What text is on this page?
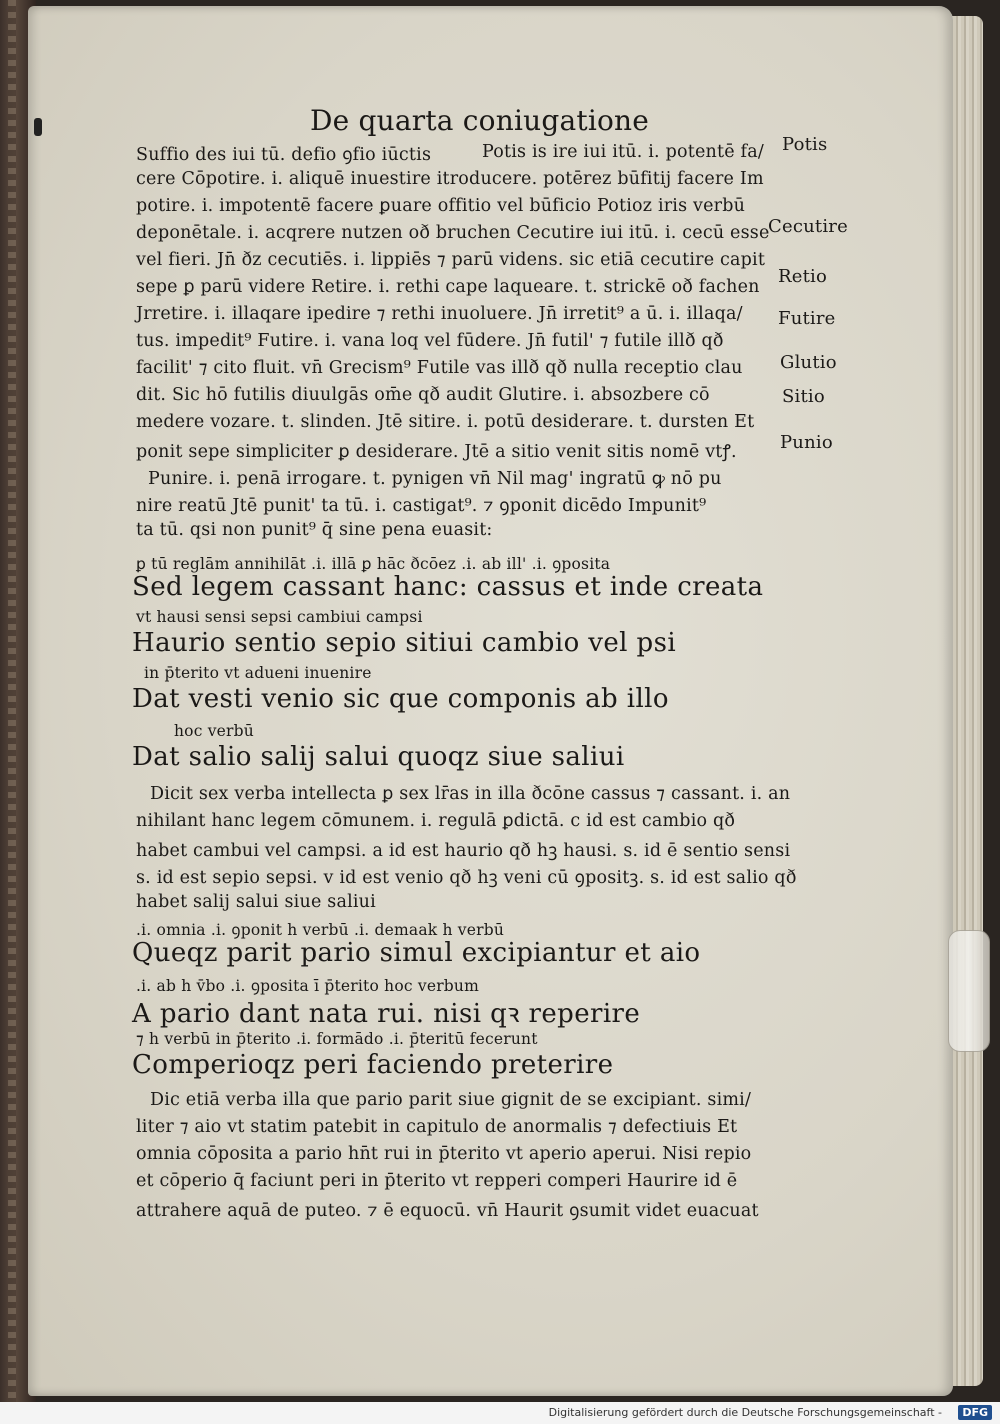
De quarta coniugatione
Suffio des iui tū. defio ꝯfio iūctis	Potis is ire iui itū. i. potentē fa/
cere Cōpotire. i. aliquē inuestire itroducere. potērez būfitij facere Im
potire. i. impotentē facere ꝑuare offitio vel būficio Potioz iris verbū
deponētale. i. acqrere nutzen oð bruchen Cecutire iui itū. i. cecū esse
vel fieri. Jn̄ ðz cecutiēs. i. lippiēs ⁊ parū videns. sic etiā cecutire capit
sepe ꝑ parū videre Retire. i. rethi cape laqueare. t. strickē oð fachen
Jrretire. i. illaqare ipedire ⁊ rethi inuoluere. Jn̄ irretit⁹ a ū. i. illaqa/
tus. impedit⁹ Futire. i. vana loq vel fūdere. Jn̄ futil' ⁊ futile illð qð
facilit' ⁊ cito fluit. vn̄ Grecism⁹ Futile vas illð qð nulla receptio clau
dit. Sic hō futilis diuulgās om̄e qð audit Glutire. i. absozbere cō
medere vozare. t. slinden. Jtē sitire. i. potū desiderare. t. dursten Et
ponit sepe simpliciter ꝑ desiderare. Jtē a sitio venit sitis nomē vtꝭ.
Punire. i. penā irrogare. t. pynigen vn̄ Nil mag' ingratū ꝙ nō pu
nire reatū Jtē punit' ta tū. i. castigat⁹. ⁊ ꝯponit dicēdo Impunit⁹
ta tū. qsi non punit⁹ q̄ sine pena euasit:
ꝑ tū reglām annihilāt .i. illā ꝑ hāc ðcōez .i. ab ill' .i. ꝯposita
Sed legem cassant hanc: cassus et inde creata
vt hausi sensi sepsi cambiui campsi
Haurio sentio sepio sitiui cambio vel psi
in p̄terito vt adueni inuenire
Dat vesti venio sic que componis ab illo
hoc verbū
Dat salio salij salui quoqz siue saliui
Dicit sex verba intellecta ꝑ sex lr̄as in illa ðcōne cassus ⁊ cassant. i. an
nihilant hanc legem cōmunem. i. regulā ꝑdictā. c id est cambio qð
habet cambui vel campsi. a id est haurio qð hꝫ hausi. s. id ē sentio sensi
s. id est sepio sepsi. v id est venio qð hꝫ veni cū ꝯpositꝫ. s. id est salio qð
habet salij salui siue saliui
.i. omnia .i. ꝯponit h verbū .i. demaak h verbū
Queqz parit pario simul excipiantur et aio
.i. ab h v̄bo .i. ꝯposita ī p̄terito hoc verbum
A pario dant nata rui. nisi qꝛ reperire
⁊ h verbū in p̄terito .i. formādo .i. p̄teritū fecerunt
Comperioqz peri faciendo preterire
Dic etiā verba illa que pario parit siue gignit de se excipiant. simi/
liter ⁊ aio vt statim patebit in capitulo de anormalis ⁊ defectiuis Et
omnia cōposita a pario hn̄t rui in p̄terito vt aperio aperui. Nisi repio
et cōperio q̄ faciunt peri in p̄terito vt repperi comperi Haurire id ē
attrahere aquā de puteo. ⁊ ē equocū. vn̄ Haurit ꝯsumit videt euacuat
Potis
Cecutire
Retio
Futire
Glutio
Sitio
Punio
Digitalisierung gefördert durch die Deutsche Forschungsgemeinschaft -	DFG
